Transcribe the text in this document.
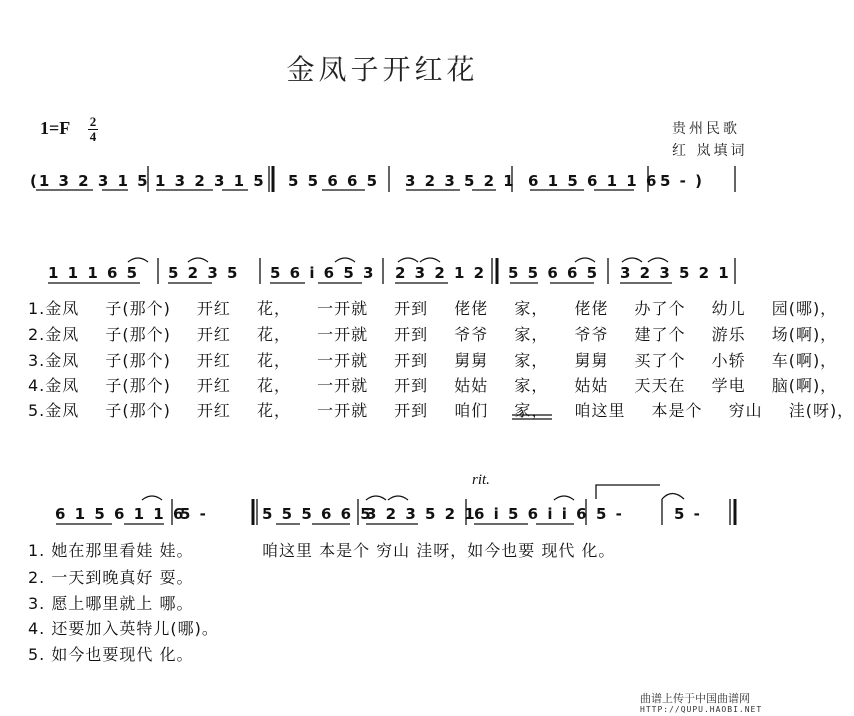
金凤子开红花
1=F 2
4	贵州民歌
红 岚填词
(1 3 2 3 1 5 1 3 2 3 1 5 5 5 6 6 5 3 2 3 5 2 1 6 1 5 6 1 1 6 5 - )
1 1 1 6 5 5 2 3 5 5 6 i 6 5 3 2 3 2 1 2 5 5 6 6 5 3 2 3 5 2 1
1.金凤 子(那个) 开红 花， 一开就 开到 佬佬 家， 佬佬 办了个 幼儿 园(哪)，
2.金凤 子(那个) 开红 花， 一开就 开到 爷爷 家， 爷爷 建了个 游乐 场(啊)，
3.金凤 子(那个) 开红 花， 一开就 开到 舅舅 家， 舅舅 买了个 小轿 车(啊)，
4.金凤 子(那个) 开红 花， 一开就 开到 姑姑 家， 姑姑 天天在 学电 脑(啊)，
5.金凤 子(那个) 开红 花， 一开就 开到 咱们 家， 咱这里 本是个 穷山 洼(呀)，
rit.
6 1 5 6 1 1 6
5 -	5 5 5 6 6 5
3 2 3 5 2 1
6 i 5 6 i i 6 5 -	5 -
1. 她在那里看娃 娃。
2. 一天到晚真好 耍。
3. 愿上哪里就上 哪。
4. 还要加入英特儿(哪)。
5. 如今也要现代 化。
咱这里 本是个 穷山 洼呀，如今也要 现代 化。
曲谱上传于中国曲谱网
HTTP://QUPU.HAOBI.NET
